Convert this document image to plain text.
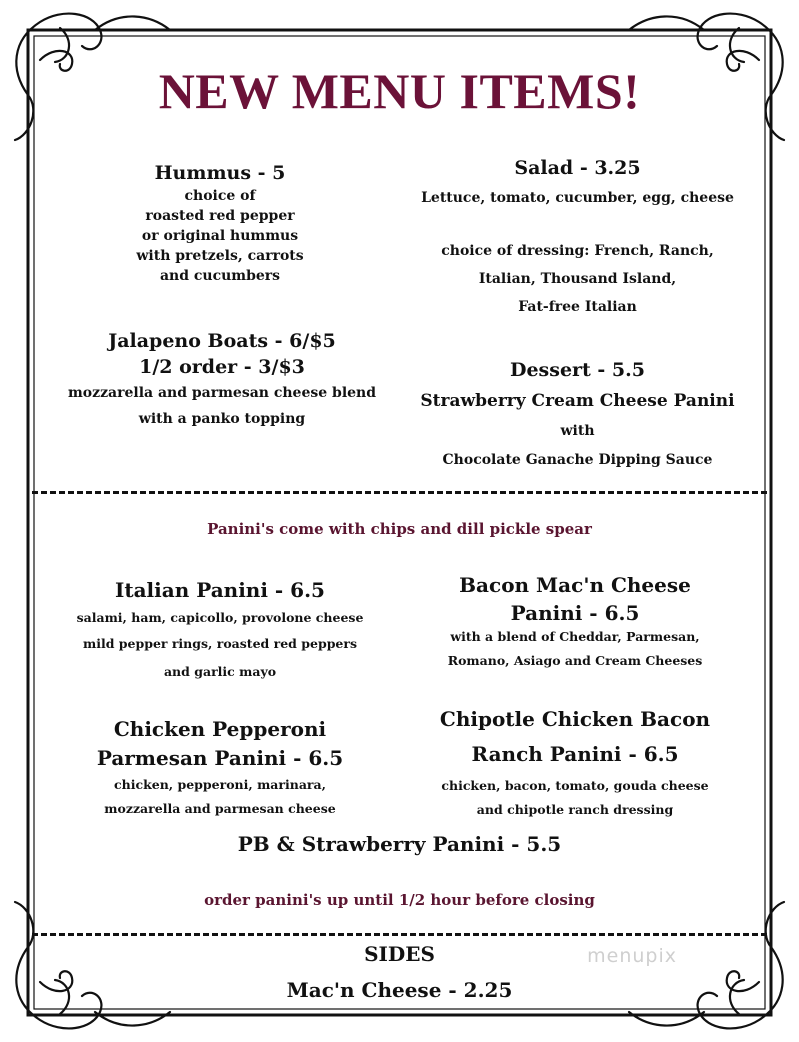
NEW MENU ITEMS!
Hummus - 5
choice of
roasted red pepper
or original hummus
with pretzels, carrots
and cucumbers
Jalapeno Boats - 6/$5
1/2 order - 3/$3
mozzarella and parmesan cheese blend
with a panko topping
Salad - 3.25
Lettuce, tomato, cucumber, egg, cheese
choice of dressing: French, Ranch,
Italian, Thousand Island,
Fat-free Italian
Dessert - 5.5
Strawberry Cream Cheese Panini
with
Chocolate Ganache Dipping Sauce
Panini's come with chips and dill pickle spear
Italian Panini - 6.5
salami, ham, capicollo, provolone cheese
mild pepper rings, roasted red peppers
and garlic mayo
Chicken Pepperoni
Parmesan Panini - 6.5
chicken, pepperoni, marinara,
mozzarella and parmesan cheese
Bacon Mac'n Cheese
Panini - 6.5
with a blend of Cheddar, Parmesan,
Romano, Asiago and Cream Cheeses
Chipotle Chicken Bacon
Ranch Panini - 6.5
chicken, bacon, tomato, gouda cheese
and chipotle ranch dressing
PB & Strawberry Panini - 5.5
order panini's up until 1/2 hour before closing
SIDES
Mac'n Cheese - 2.25
menupix
